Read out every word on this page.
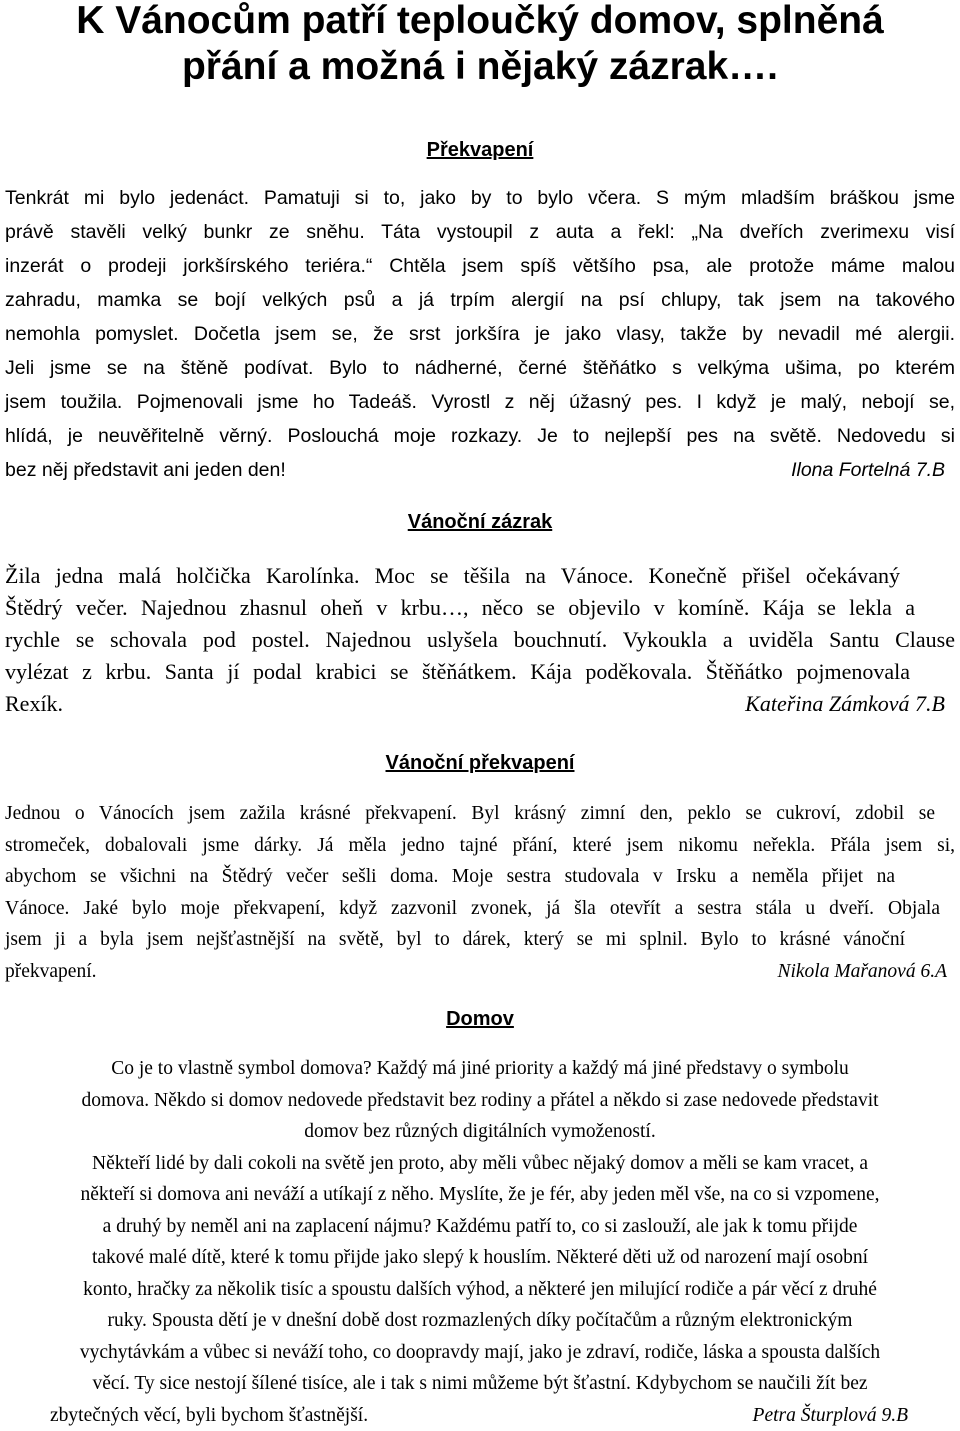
K Vánocům patří teploučký domov, splněná
přání a možná i nějaký zázrak….
Překvapení
Tenkrát mi bylo jedenáct. Pamatuji si to, jako by to bylo včera. S mým mladším bráškou jsme
právě stavěli velký bunkr ze sněhu. Táta vystoupil z auta a řekl: „Na dveřích zverimexu visí
inzerát o prodeji jorkšírského teriéra.“ Chtěla jsem spíš většího psa, ale protože máme malou
zahradu, mamka se bojí velkých psů a já trpím alergií na psí chlupy, tak jsem na takového
nemohla pomyslet. Dočetla jsem se, že srst jorkšíra je jako vlasy, takže by nevadil mé alergii.
Jeli jsme se na štěně podívat. Bylo to nádherné, černé štěňátko s velkýma ušima, po kterém
jsem toužila. Pojmenovali jsme ho Tadeáš. Vyrostl z něj úžasný pes. I když je malý, nebojí se,
hlídá, je neuvěřitelně věrný. Poslouchá moje rozkazy. Je to nejlepší pes na světě. Nedovedu si
bez něj představit ani jeden den!	Ilona Fortelná 7.B
Vánoční zázrak
Žila jedna malá holčička Karolínka. Moc se těšila na Vánoce. Konečně přišel očekávaný
Štědrý večer. Najednou zhasnul oheň v krbu…, něco se objevilo v komíně. Kája se lekla a
rychle se schovala pod postel. Najednou uslyšela bouchnutí. Vykoukla a uviděla Santu Clause
vylézat z krbu. Santa jí podal krabici se štěňátkem. Kája poděkovala. Štěňátko pojmenovala
Rexík.	Kateřina Zámková 7.B
Vánoční překvapení
Jednou o Vánocích jsem zažila krásné překvapení. Byl krásný zimní den, peklo se cukroví, zdobil se
stromeček, dobalovali jsme dárky. Já měla jedno tajné přání, které jsem nikomu neřekla. Přála jsem si,
abychom se všichni na Štědrý večer sešli doma. Moje sestra studovala v Irsku a neměla přijet na
Vánoce. Jaké bylo moje překvapení, když zazvonil zvonek, já šla otevřít a sestra stála u dveří. Objala
jsem ji a byla jsem nejšťastnější na světě, byl to dárek, který se mi splnil. Bylo to krásné vánoční
překvapení.	Nikola Mařanová 6.A
Domov
Co je to vlastně symbol domova? Každý má jiné priority a každý má jiné představy o symbolu
domova. Někdo si domov nedovede představit bez rodiny a přátel a někdo si zase nedovede představit
domov bez různých digitálních vymožeností.
Někteří lidé by dali cokoli na světě jen proto, aby měli vůbec nějaký domov a měli se kam vracet, a
někteří si domova ani neváží a utíkají z něho. Myslíte, že je fér, aby jeden měl vše, na co si vzpomene,
a druhý by neměl ani na zaplacení nájmu? Každému patří to, co si zaslouží, ale jak k tomu přijde
takové malé dítě, které k tomu přijde jako slepý k houslím. Některé děti už od narození mají osobní
konto, hračky za několik tisíc a spoustu dalších výhod, a některé jen milující rodiče a pár věcí z druhé
ruky. Spousta dětí je v dnešní době dost rozmazlených díky počítačům a různým elektronickým
vychytávkám a vůbec si neváží toho, co doopravdy mají, jako je zdraví, rodiče, láska a spousta dalších
věcí. Ty sice nestojí šílené tisíce, ale i tak s nimi můžeme být šťastní. Kdybychom se naučili žít bez
zbytečných věcí, byli bychom šťastnější.	Petra Šturplová 9.B
